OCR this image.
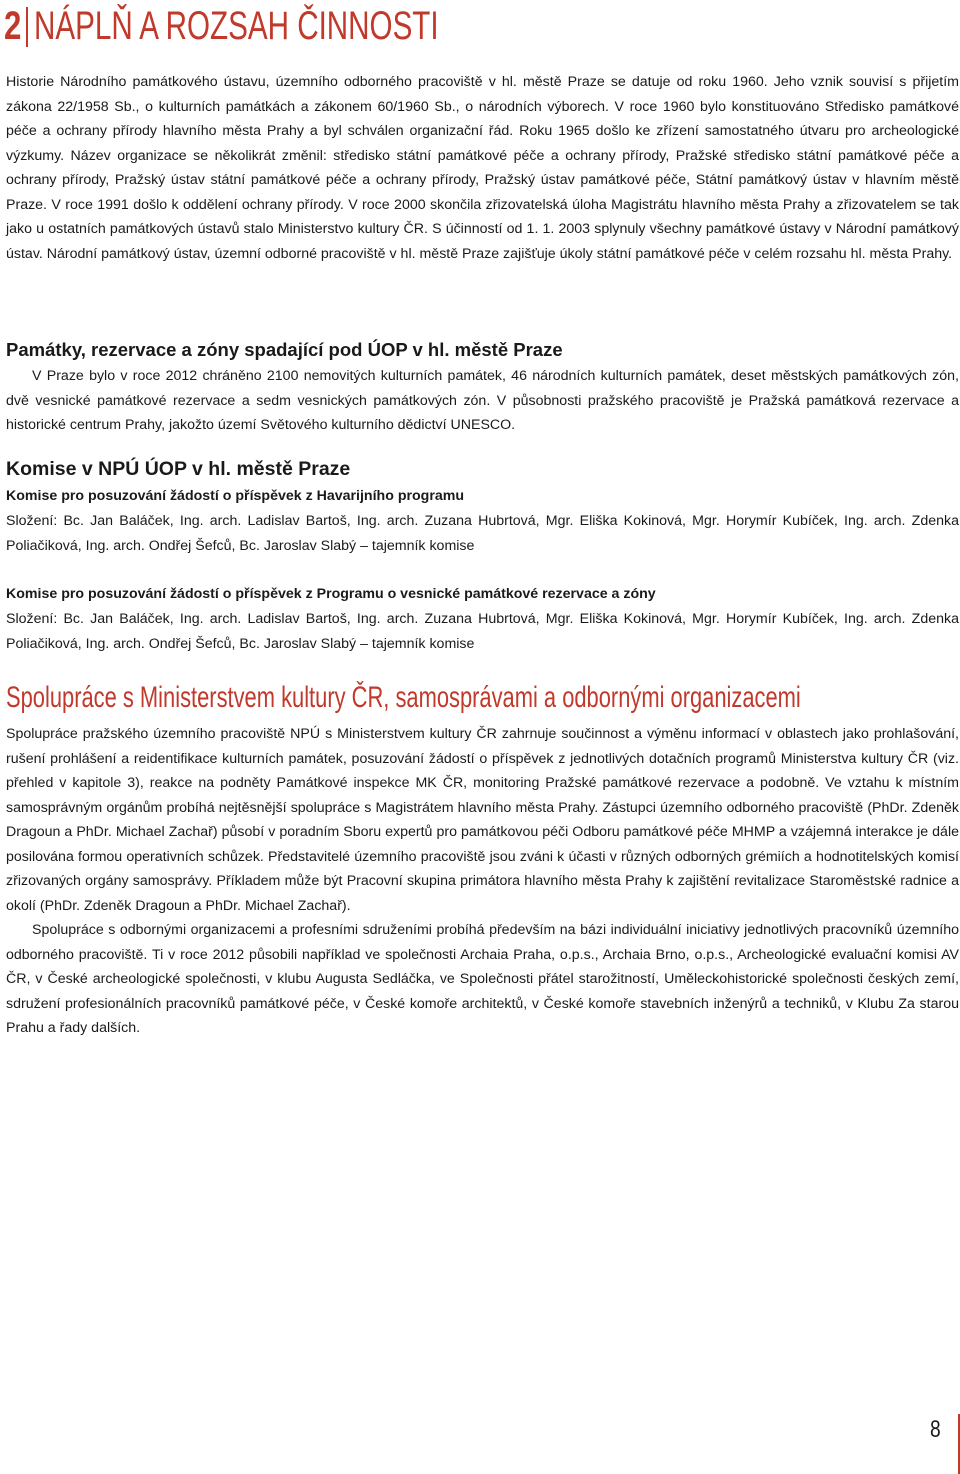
2 NÁPLŇ A ROZSAH ČINNOSTI

Historie Národního památkového ústavu, územního odborného pracoviště v hl. městě Praze se datuje od roku 1960. Jeho vznik souvisí s přijetím zákona 22/1958 Sb., o kulturních památkách a zákonem 60/1960 Sb., o národních výborech. V roce 1960 bylo konstituováno Středisko památkové péče a ochrany přírody hlavního města Prahy a byl schválen organizační řád. Roku 1965 došlo ke zřízení samostatného útvaru pro archeologické výzkumy. Název organizace se několikrát změnil: středisko státní památkové péče a ochrany přírody, Pražské středisko státní památkové péče a ochrany přírody, Pražský ústav státní památkové péče a ochrany přírody, Pražský ústav památkové péče, Státní památkový ústav v hlavním městě Praze. V roce 1991 došlo k oddělení ochrany přírody. V roce 2000 skončila zřizovatelská úloha Magistrátu hlavního města Prahy a zřizovatelem se tak jako u ostatních památkových ústavů stalo Ministerstvo kultury ČR. S účinností od 1. 1. 2003 splynuly všechny památkové ústavy v Národní památkový ústav. Národní památkový ústav, územní odborné pracoviště v hl. městě Praze zajišťuje úkoly státní památkové péče v celém rozsahu hl. města Prahy.

Památky, rezervace a zóny spadající pod ÚOP v hl. městě Praze

V Praze bylo v roce 2012 chráněno 2100 nemovitých kulturních památek, 46 národních kulturních památek, deset městských památkových zón, dvě vesnické památkové rezervace a sedm vesnických památkových zón. V působnosti pražského pracoviště je Pražská památková rezervace a historické centrum Prahy, jakožto území Světového kulturního dědictví UNESCO.

Komise v NPÚ ÚOP v hl. městě Praze
Komise pro posuzování žádostí o příspěvek z Havarijního programu

Složení: Bc. Jan Baláček, Ing. arch. Ladislav Bartoš, Ing. arch. Zuzana Hubrtová, Mgr. Eliška Kokinová, Mgr. Horymír Kubíček, Ing. arch. Zdenka Poliačiková, Ing. arch. Ondřej Šefců, Bc. Jaroslav Slabý – tajemník komise

Komise pro posuzování žádostí o příspěvek z Programu o vesnické památkové rezervace a zóny

Složení: Bc. Jan Baláček, Ing. arch. Ladislav Bartoš, Ing. arch. Zuzana Hubrtová, Mgr. Eliška Kokinová, Mgr. Horymír Kubíček, Ing. arch. Zdenka Poliačiková, Ing. arch. Ondřej Šefců, Bc. Jaroslav Slabý – tajemník komise

Spolupráce s Ministerstvem kultury ČR, samosprávami a odbornými organizacemi

Spolupráce pražského územního pracoviště NPÚ s Ministerstvem kultury ČR zahrnuje součinnost a výměnu informací v oblastech jako prohlašování, rušení prohlášení a reidentifikace kulturních památek, posuzování žádostí o příspěvek z jednotlivých dotačních programů Ministerstva kultury ČR (viz. přehled v kapitole 3), reakce na podněty Památkové inspekce MK ČR, monitoring Pražské památkové rezervace a podobně. Ve vztahu k místním samosprávným orgánům probíhá nejtěsnější spolupráce s Magistrátem hlavního města Prahy. Zástupci územního odborného pracoviště (PhDr. Zdeněk Dragoun a PhDr. Michael Zachař) působí v poradním Sboru expertů pro památkovou péči Odboru památkové péče MHMP a vzájemná interakce je dále posilována formou operativních schůzek. Představitelé územního pracoviště jsou zváni k účasti v různých odborných grémiích a hodnotitelských komisí zřizovaných orgány samosprávy. Příkladem může být Pracovní skupina primátora hlavního města Prahy k zajištění revitalizace Staroměstské radnice a okolí (PhDr. Zdeněk Dragoun a PhDr. Michael Zachař).

Spolupráce s odbornými organizacemi a profesními sdruženími probíhá především na bázi individuální iniciativy jednotlivých pracovníků územního odborného pracoviště. Ti v roce 2012 působili například ve společnosti Archaia Praha, o.p.s., Archaia Brno, o.p.s., Archeologické evaluační komisi AV ČR, v České archeologické společnosti, v klubu Augusta Sedláčka, ve Společnosti přátel starožitností, Uměleckohistorické společnosti českých zemí, sdružení profesionálních pracovníků památkové péče, v České komoře architektů, v České komoře stavebních inženýrů a techniků, v Klubu Za starou Prahu a řady dalších.

8
